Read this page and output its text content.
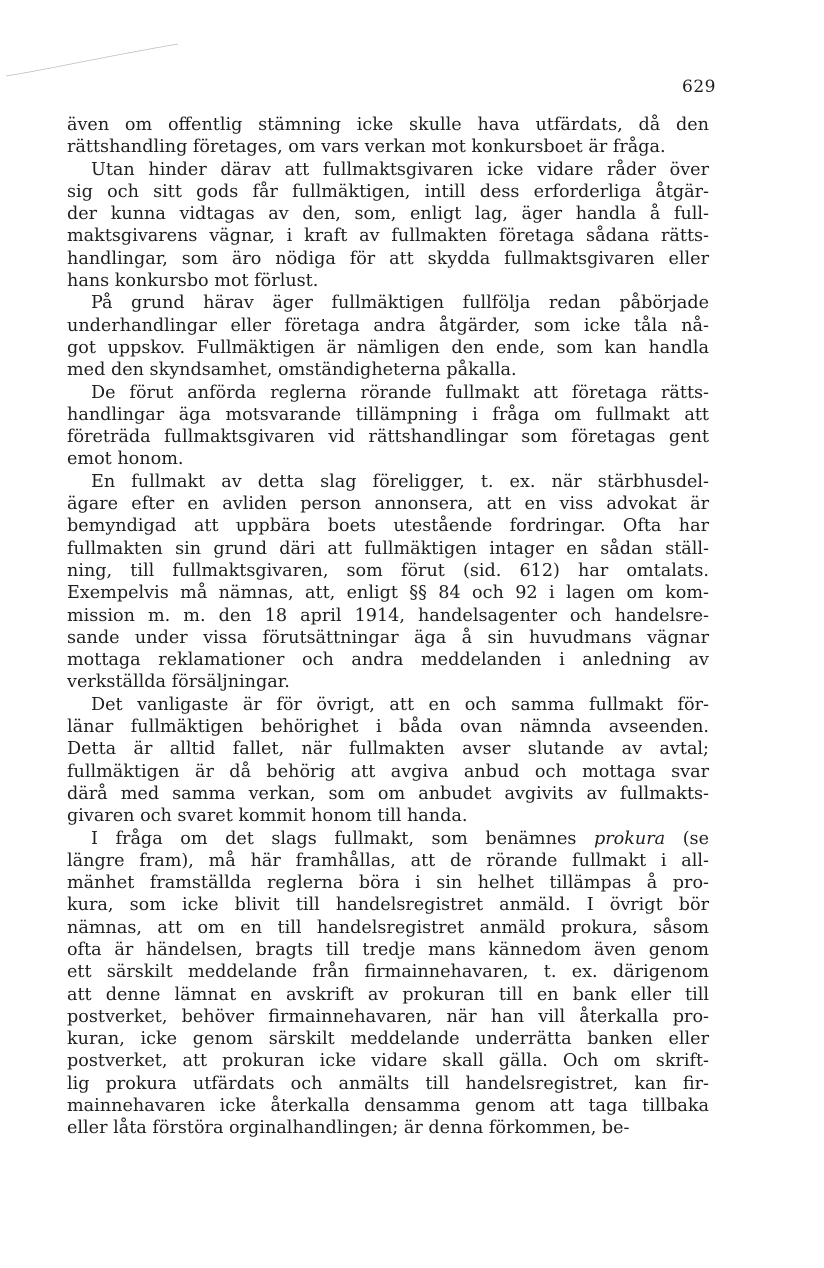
629
även om offentlig stämning icke skulle hava utfärdats, då den
rättshandling företages, om vars verkan mot konkursboet är fråga.
Utan hinder därav att fullmaktsgivaren icke vidare råder över
sig och sitt gods får fullmäktigen, intill dess erforderliga åtgär-
der kunna vidtagas av den, som, enligt lag, äger handla å full-
maktsgivarens vägnar, i kraft av fullmakten företaga sådana rätts-
handlingar, som äro nödiga för att skydda fullmaktsgivaren eller
hans konkursbo mot förlust.
På grund härav äger fullmäktigen fullfölja redan påbörjade
underhandlingar eller företaga andra åtgärder, som icke tåla nå-
got uppskov. Fullmäktigen är nämligen den ende, som kan handla
med den skyndsamhet, omständigheterna påkalla.
De förut anförda reglerna rörande fullmakt att företaga rätts-
handlingar äga motsvarande tillämpning i fråga om fullmakt att
företräda fullmaktsgivaren vid rättshandlingar som företagas gent
emot honom.
En fullmakt av detta slag föreligger, t. ex. när stärbhusdel-
ägare efter en avliden person annonsera, att en viss advokat är
bemyndigad att uppbära boets utestående fordringar. Ofta har
fullmakten sin grund däri att fullmäktigen intager en sådan ställ-
ning, till fullmaktsgivaren, som förut (sid. 612) har omtalats.
Exempelvis må nämnas, att, enligt §§ 84 och 92 i lagen om kom-
mission m. m. den 18 april 1914, handelsagenter och handelsre-
sande under vissa förutsättningar äga å sin huvudmans vägnar
mottaga reklamationer och andra meddelanden i anledning av
verkställda försäljningar.
Det vanligaste är för övrigt, att en och samma fullmakt för-
länar fullmäktigen behörighet i båda ovan nämnda avseenden.
Detta är alltid fallet, när fullmakten avser slutande av avtal;
fullmäktigen är då behörig att avgiva anbud och mottaga svar
därå med samma verkan, som om anbudet avgivits av fullmakts-
givaren och svaret kommit honom till handa.
I fråga om det slags fullmakt, som benämnes prokura (se
längre fram), må här framhållas, att de rörande fullmakt i all-
mänhet framställda reglerna böra i sin helhet tillämpas å pro-
kura, som icke blivit till handelsregistret anmäld. I övrigt bör
nämnas, att om en till handelsregistret anmäld prokura, såsom
ofta är händelsen, bragts till tredje mans kännedom även genom
ett särskilt meddelande från firmainnehavaren, t. ex. därigenom
att denne lämnat en avskrift av prokuran till en bank eller till
postverket, behöver firmainnehavaren, när han vill återkalla pro-
kuran, icke genom särskilt meddelande underrätta banken eller
postverket, att prokuran icke vidare skall gälla. Och om skrift-
lig prokura utfärdats och anmälts till handelsregistret, kan fir-
mainnehavaren icke återkalla densamma genom att taga tillbaka
eller låta förstöra orginalhandlingen; är denna förkommen, be-
